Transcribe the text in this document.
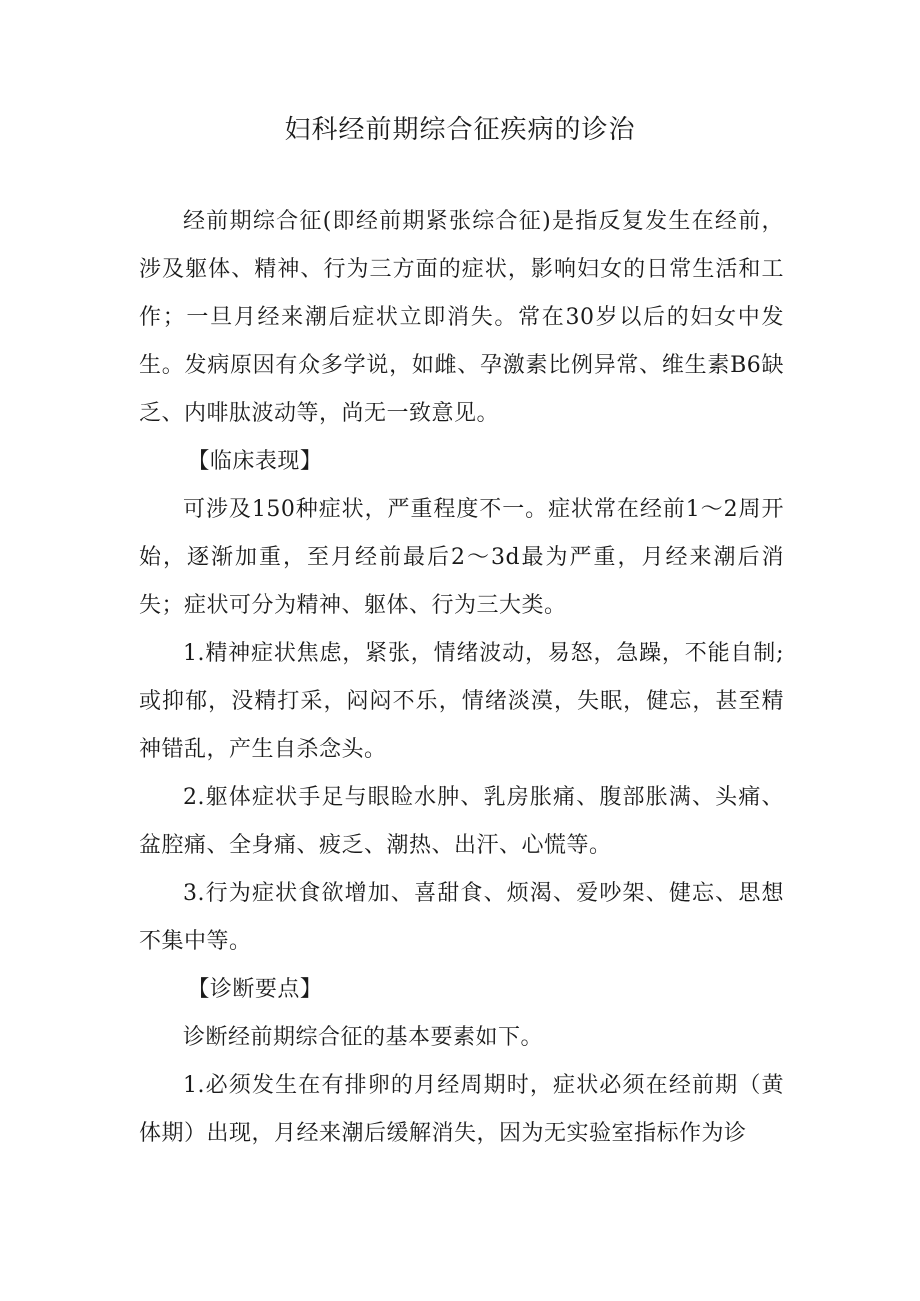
妇科经前期综合征疾病的诊治

经前期综合征(即经前期紧张综合征)是指反复发生在经前，涉及躯体、精神、行为三方面的症状，影响妇女的日常生活和工作；一旦月经来潮后症状立即消失。常在30岁以后的妇女中发生。发病原因有众多学说，如雌、孕激素比例异常、维生素B6缺乏、内啡肽波动等，尚无一致意见。

【临床表现】

可涉及150种症状，严重程度不一。症状常在经前1～2周开始，逐渐加重，至月经前最后2～3d最为严重，月经来潮后消失；症状可分为精神、躯体、行为三大类。

1.精神症状焦虑，紧张，情绪波动，易怒，急躁，不能自制;或抑郁，没精打采，闷闷不乐，情绪淡漠，失眠，健忘，甚至精神错乱，产生自杀念头。

2.躯体症状手足与眼睑水肿、乳房胀痛、腹部胀满、头痛、盆腔痛、全身痛、疲乏、潮热、出汗、心慌等。

3.行为症状食欲增加、喜甜食、烦渴、爱吵架、健忘、思想不集中等。

【诊断要点】

诊断经前期综合征的基本要素如下。

1.必须发生在有排卵的月经周期时，症状必须在经前期（黄体期）出现，月经来潮后缓解消失，因为无实验室指标作为诊
